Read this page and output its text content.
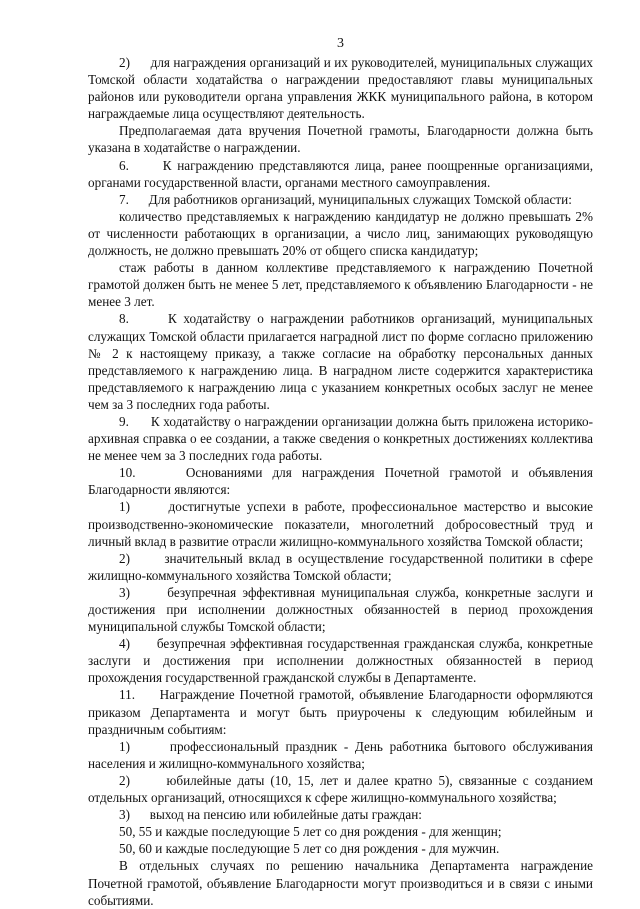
3

2)      для награждения организаций и их руководителей, муниципальных служащих Томской области ходатайства о награждении предоставляют главы муниципальных районов или руководители органа управления ЖКК муниципального района, в котором награждаемые лица осуществляют деятельность.

Предполагаемая дата вручения Почетной грамоты, Благодарности должна быть указана в ходатайстве о награждении.

6.      К награждению представляются лица, ранее поощренные организациями, органами государственной власти, органами местного самоуправления.

7.      Для работников организаций, муниципальных служащих Томской области:

количество представляемых к награждению кандидатур не должно превышать 2% от численности работающих в организации, а число лиц, занимающих руководящую должность, не должно превышать 20% от общего списка кандидатур;

стаж работы в данном коллективе представляемого к награждению Почетной грамотой должен быть не менее 5 лет, представляемого к объявлению Благодарности - не менее 3 лет.

8.      К ходатайству о награждении работников организаций, муниципальных служащих Томской области прилагается наградной лист по форме согласно приложению № 2 к настоящему приказу, а также согласие на обработку персональных данных представляемого к награждению лица. В наградном листе содержится характеристика представляемого к награждению лица с указанием конкретных особых заслуг не менее чем за 3 последних года работы.

9.      К ходатайству о награждении организации должна быть приложена историко-архивная справка о ее создании, а также сведения о конкретных достижениях коллектива не менее чем за 3 последних года работы.

10.     Основаниями для награждения Почетной грамотой и объявления Благодарности являются:

1)      достигнутые успехи в работе, профессиональное мастерство и высокие производственно-экономические показатели, многолетний добросовестный труд и личный вклад в развитие отрасли жилищно-коммунального хозяйства Томской области;

2)      значительный вклад в осуществление государственной политики в сфере жилищно-коммунального хозяйства Томской области;

3)      безупречная эффективная муниципальная служба, конкретные заслуги и достижения при исполнении должностных обязанностей в период прохождения муниципальной службы Томской области;

4)      безупречная эффективная государственная гражданская служба, конкретные заслуги и достижения при исполнении должностных обязанностей в период прохождения государственной гражданской службы в Департаменте.

11.     Награждение Почетной грамотой, объявление Благодарности оформляются приказом Департамента и могут быть приурочены к следующим юбилейным и праздничным событиям:

1)      профессиональный праздник - День работника бытового обслуживания населения и жилищно-коммунального хозяйства;

2)      юбилейные даты (10, 15, лет и далее кратно 5), связанные с созданием отдельных организаций, относящихся к сфере жилищно-коммунального хозяйства;

3)      выход на пенсию или юбилейные даты граждан:

50, 55 и каждые последующие 5 лет со дня рождения - для женщин;

50, 60 и каждые последующие 5 лет со дня рождения - для мужчин.

В отдельных случаях по решению начальника Департамента награждение Почетной грамотой, объявление Благодарности могут производиться и в связи с иными событиями.
